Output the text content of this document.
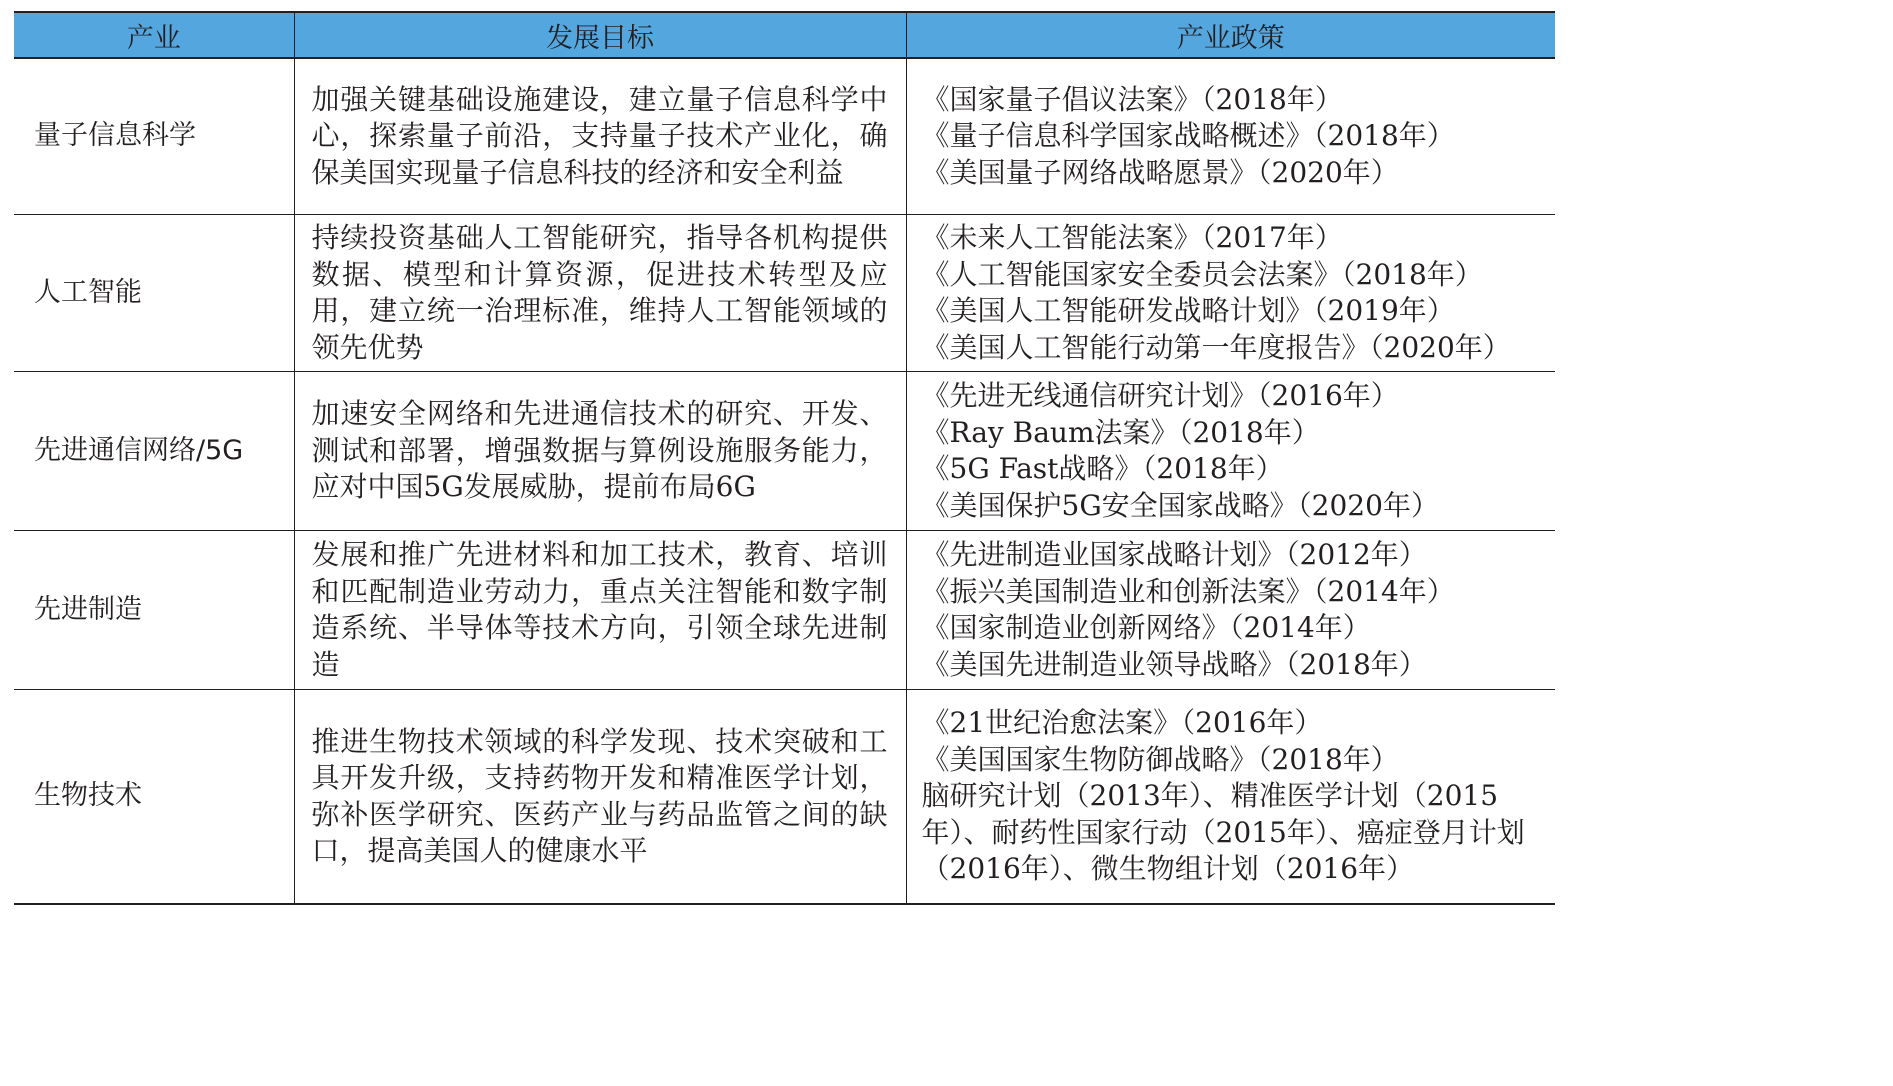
产业	发展目标	产业政策
量子信息科学	加强关键基础设施建设，建立量子信息科学中心，探索量子前沿，支持量子技术产业化，确保美国实现量子信息科技的经济和安全利益	《国家量子倡议法案》（2018年）
《量子信息科学国家战略概述》（2018年）
《美国量子网络战略愿景》（2020年）

人工智能	持续投资基础人工智能研究，指导各机构提供数据、模型和计算资源，促进技术转型及应用，建立统一治理标准，维持人工智能领域的领先优势	《未来人工智能法案》（2017年）
《人工智能国家安全委员会法案》（2018年）
《美国人工智能研发战略计划》（2019年）
《美国人工智能行动第一年度报告》（2020年）

先进通信网络/5G	加速安全网络和先进通信技术的研究、开发、测试和部署，增强数据与算例设施服务能力，应对中国5G发展威胁，提前布局6G	《先进无线通信研究计划》（2016年）
《Ray Baum法案》（2018年）
《5G Fast战略》（2018年）
《美国保护5G安全国家战略》（2020年）

先进制造	发展和推广先进材料和加工技术，教育、培训和匹配制造业劳动力，重点关注智能和数字制造系统、半导体等技术方向，引领全球先进制造	《先进制造业国家战略计划》（2012年）
《振兴美国制造业和创新法案》（2014年）
《国家制造业创新网络》（2014年）
《美国先进制造业领导战略》（2018年）

生物技术	推进生物技术领域的科学发现、技术突破和工具开发升级，支持药物开发和精准医学计划，弥补医学研究、医药产业与药品监管之间的缺口，提高美国人的健康水平	《21世纪治愈法案》（2016年）
《美国国家生物防御战略》（2018年）
脑研究计划（2013年）、精准医学计划（2015年）、耐药性国家行动（2015年）、癌症登月计划（2016年）、微生物组计划（2016年）
